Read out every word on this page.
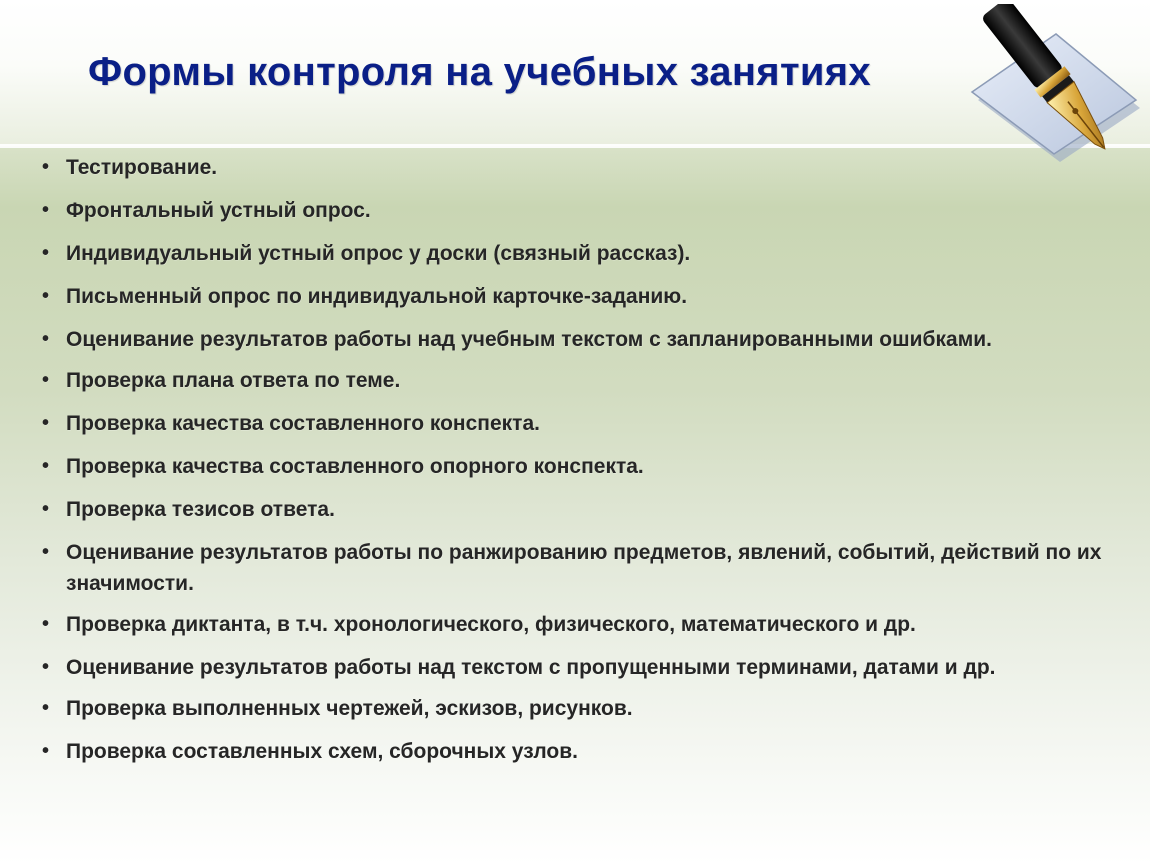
Формы контроля на учебных занятиях
• Тестирование.
• Фронтальный устный опрос.
• Индивидуальный устный опрос у доски (связный рассказ).
• Письменный опрос по индивидуальной карточке-заданию.
• Оценивание результатов работы над учебным текстом с запланированными ошибками.
• Проверка плана ответа по теме.
• Проверка качества составленного конспекта.
• Проверка качества составленного опорного конспекта.
• Проверка тезисов ответа.
• Оценивание результатов работы по ранжированию предметов, явлений, событий, действий по их значимости.
• Проверка диктанта, в т.ч. хронологического, физического, математического и др.
• Оценивание результатов работы над текстом с пропущенными терминами, датами и др.
• Проверка выполненных чертежей, эскизов, рисунков.
• Проверка составленных схем, сборочных узлов.
